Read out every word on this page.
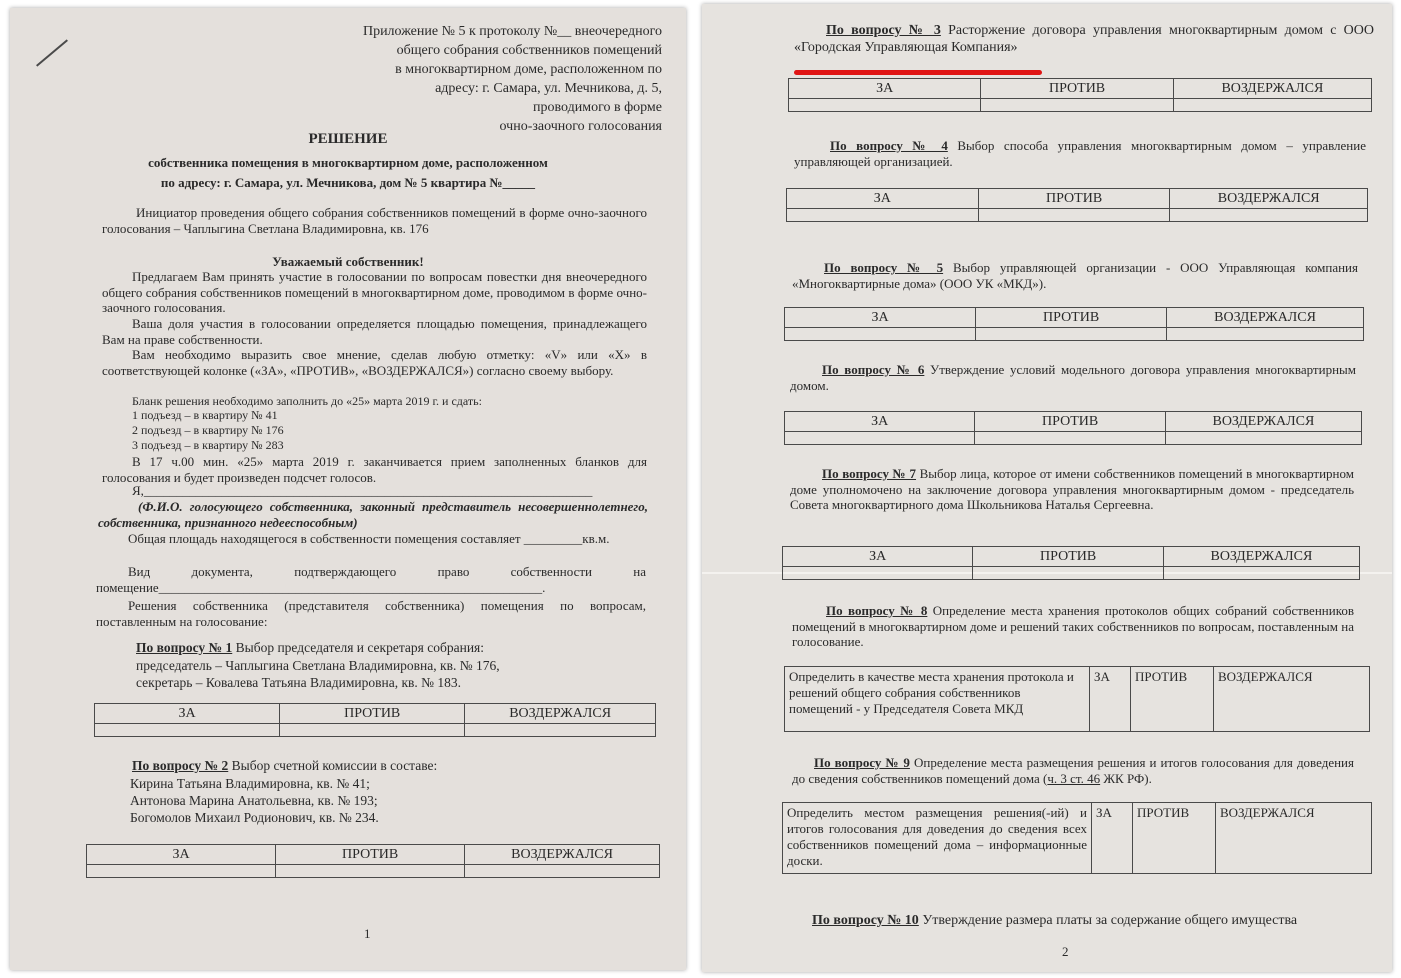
Приложение № 5 к протоколу №__ внеочередного
общего собрания собственников помещений
в многоквартирном доме, расположенном по
адресу: г. Самара, ул. Мечникова, д. 5,
проводимого в форме
очно-заочного голосования
РЕШЕНИЕ
собственника помещения в многоквартирном доме, расположенном
по адресу: г. Самара, ул. Мечникова, дом № 5 квартира №_____

Инициатор проведения общего собрания собственников помещений в форме очно-заочного голосования – Чаплыгина Светлана Владимировна, кв. 176

Уважаемый собственник!

Предлагаем Вам принять участие в голосовании по вопросам повестки дня внеочередного общего собрания собственников помещений в многоквартирном доме, проводимом в форме очно-заочного голосования.

Ваша доля участия в голосовании определяется площадью помещения, принадлежащего Вам на праве собственности.

Вам необходимо выразить свое мнение, сделав любую отметку: «V» или «X» в соответствующей колонке («ЗА», «ПРОТИВ», «ВОЗДЕРЖАЛСЯ») согласно своему выбору.

Бланк решения необходимо заполнить до «25» марта 2019 г. и сдать:
1 подъезд – в квартиру № 41
2 подъезд – в квартиру № 176
3 подъезд – в квартиру № 283

В 17 ч.00 мин. «25» марта 2019 г. заканчивается прием заполненных бланков для голосования и будет произведен подсчет голосов.

Я,_____________________________________________________________________

(Ф.И.О. голосующего собственника, законный представитель несовершеннолетнего, собственника, признанного недееспособным)

Общая площадь находящегося в собственности помещения составляет _________кв.м.

Вид документа, подтверждающего право собственности на помещение___________________________________________________________.

Решения собственника (представителя собственника) помещения по вопросам, поставленным на голосование:

По вопросу № 1 Выбор председателя и секретаря собрания:
председатель – Чаплыгина Светлана Владимировна, кв. № 176,
секретарь – Ковалева Татьяна Владимировна, кв. № 183.
ЗА	ПРОТИВ	ВОЗДЕРЖАЛСЯ

По вопросу № 2 Выбор счетной комиссии в составе:
Кирина Татьяна Владимировна, кв. № 41;
Антонова Марина Анатольевна, кв. № 193;
Богомолов Михаил Родионович, кв. № 234.
ЗА	ПРОТИВ	ВОЗДЕРЖАЛСЯ

1

По вопросу № 3 Расторжение договора управления многоквартирным домом с ООО «Городская Управляющая Компания»

ЗА	ПРОТИВ	ВОЗДЕРЖАЛСЯ

По вопросу № 4 Выбор способа управления многоквартирным домом – управление управляющей организацией.

ЗА	ПРОТИВ	ВОЗДЕРЖАЛСЯ

По вопросу № 5 Выбор управляющей организации - ООО Управляющая компания «Многоквартирные дома» (ООО УК «МКД»).

ЗА	ПРОТИВ	ВОЗДЕРЖАЛСЯ

По вопросу № 6 Утверждение условий модельного договора управления многоквартирным домом.

ЗА	ПРОТИВ	ВОЗДЕРЖАЛСЯ

По вопросу № 7 Выбор лица, которое от имени собственников помещений в многоквартирном доме уполномочено на заключение договора управления многоквартирным домом - председатель Совета многоквартирного дома Школьникова Наталья Сергеевна.

ЗА	ПРОТИВ	ВОЗДЕРЖАЛСЯ

По вопросу № 8 Определение места хранения протоколов общих собраний собственников помещений в многоквартирном доме и решений таких собственников по вопросам, поставленным на голосование.

Определить в качестве места хранения протокола и решений общего собрания собственников помещений - у Председателя Совета МКД	ЗА	ПРОТИВ	ВОЗДЕРЖАЛСЯ

По вопросу № 9 Определение места размещения решения и итогов голосования для доведения до сведения собственников помещений дома (ч. 3 ст. 46 ЖК РФ).

Определить местом размещения решения(-ий) и итогов голосования для доведения до сведения всех собственников помещений дома – информационные доски.	ЗА	ПРОТИВ	ВОЗДЕРЖАЛСЯ
По вопросу № 10 Утверждение размера платы за содержание общего имущества
2
